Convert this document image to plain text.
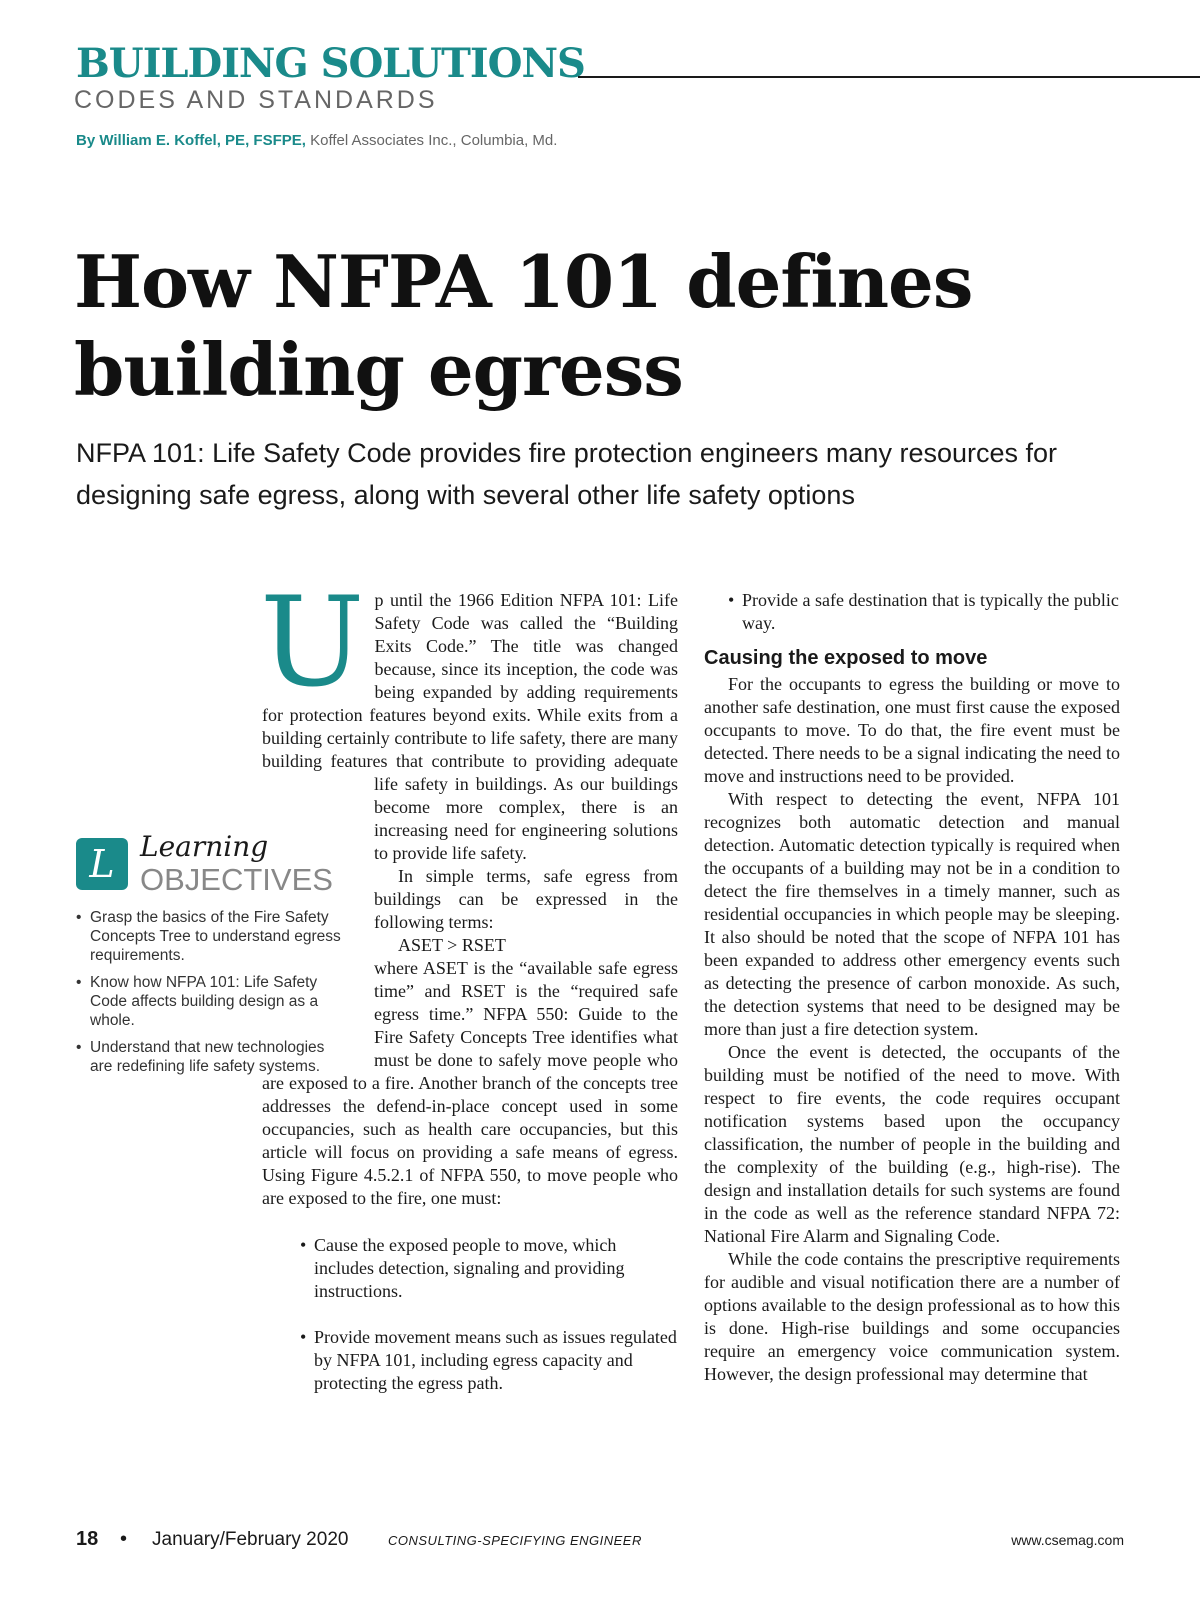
BUILDING SOLUTIONS
CODES AND STANDARDS
By William E. Koffel, PE, FSFPE, Koffel Associates Inc., Columbia, Md.
How NFPA 101 defines
building egress

NFPA 101: Life Safety Code provides fire protection engineers many resources for designing safe egress, along with several other life safety options

U p until the 1966 Edition NFPA 101: Life Safety Code was called the “Building Exits Code.” The title was changed because, since its inception, the code was being expanded by adding requirements for protection features beyond exits. While exits from a building certainly contribute to life safety, there are many building features that contribute to providing adequate
life safety in buildings. As our buildings become more complex, there is an increasing need for engineering solutions to provide life safety.

In simple terms, safe egress from buildings can be expressed in the following terms:

ASET > RSET

where ASET is the “available safe egress time” and RSET is the “required safe egress time.” NFPA 550: Guide to the Fire Safety Concepts Tree identifies what must be done to safely move people who are exposed to a fire. Another branch of the concepts tree addresses the defend-in-place concept used in some occupancies, such as health care occupancies, but this article will focus on providing a safe means of egress. Using Figure 4.5.2.1 of NFPA 550, to move people who are exposed to the fire, one must:

• Cause the exposed people to move, which includes detection, signaling and providing instructions.
• Provide movement means such as issues regulated by NFPA 101, including egress capacity and protecting the egress path.
• Provide a safe destination that is typically the public way.
Causing the exposed to move

For the occupants to egress the building or move to another safe destination, one must first cause the exposed occupants to move. To do that, the fire event must be detected. There needs to be a signal indicating the need to move and instructions need to be provided.

With respect to detecting the event, NFPA 101 recognizes both automatic detection and manual detection. Automatic detection typically is required when the occupants of a building may not be in a condition to detect the fire themselves in a timely manner, such as residential occupancies in which people may be sleeping. It also should be noted that the scope of NFPA 101 has been expanded to address other emergency events such as detecting the presence of carbon monoxide. As such, the detection systems that need to be designed may be more than just a fire detection system.

Once the event is detected, the occupants of the building must be notified of the need to move. With respect to fire events, the code requires occupant notification systems based upon the occupancy classification, the number of people in the building and the complexity of the building (e.g., high-rise). The design and installation details for such systems are found in the code as well as the reference standard NFPA 72: National Fire Alarm and Signaling Code.

While the code contains the prescriptive requirements for audible and visual notification there are a number of options available to the design professional as to how this is done. High-rise buildings and some occupancies require an emergency voice communication system. However, the design professional may determine that

L Learning
OBJECTIVES
• Grasp the basics of the Fire Safety Concepts Tree to understand egress requirements.
• Know how NFPA 101: Life Safety Code affects building design as a whole.
• Understand that new technologies are redefining life safety systems.
18 • January/February 2020	CONSULTING-SPECIFYING ENGINEER	www.csemag.com
